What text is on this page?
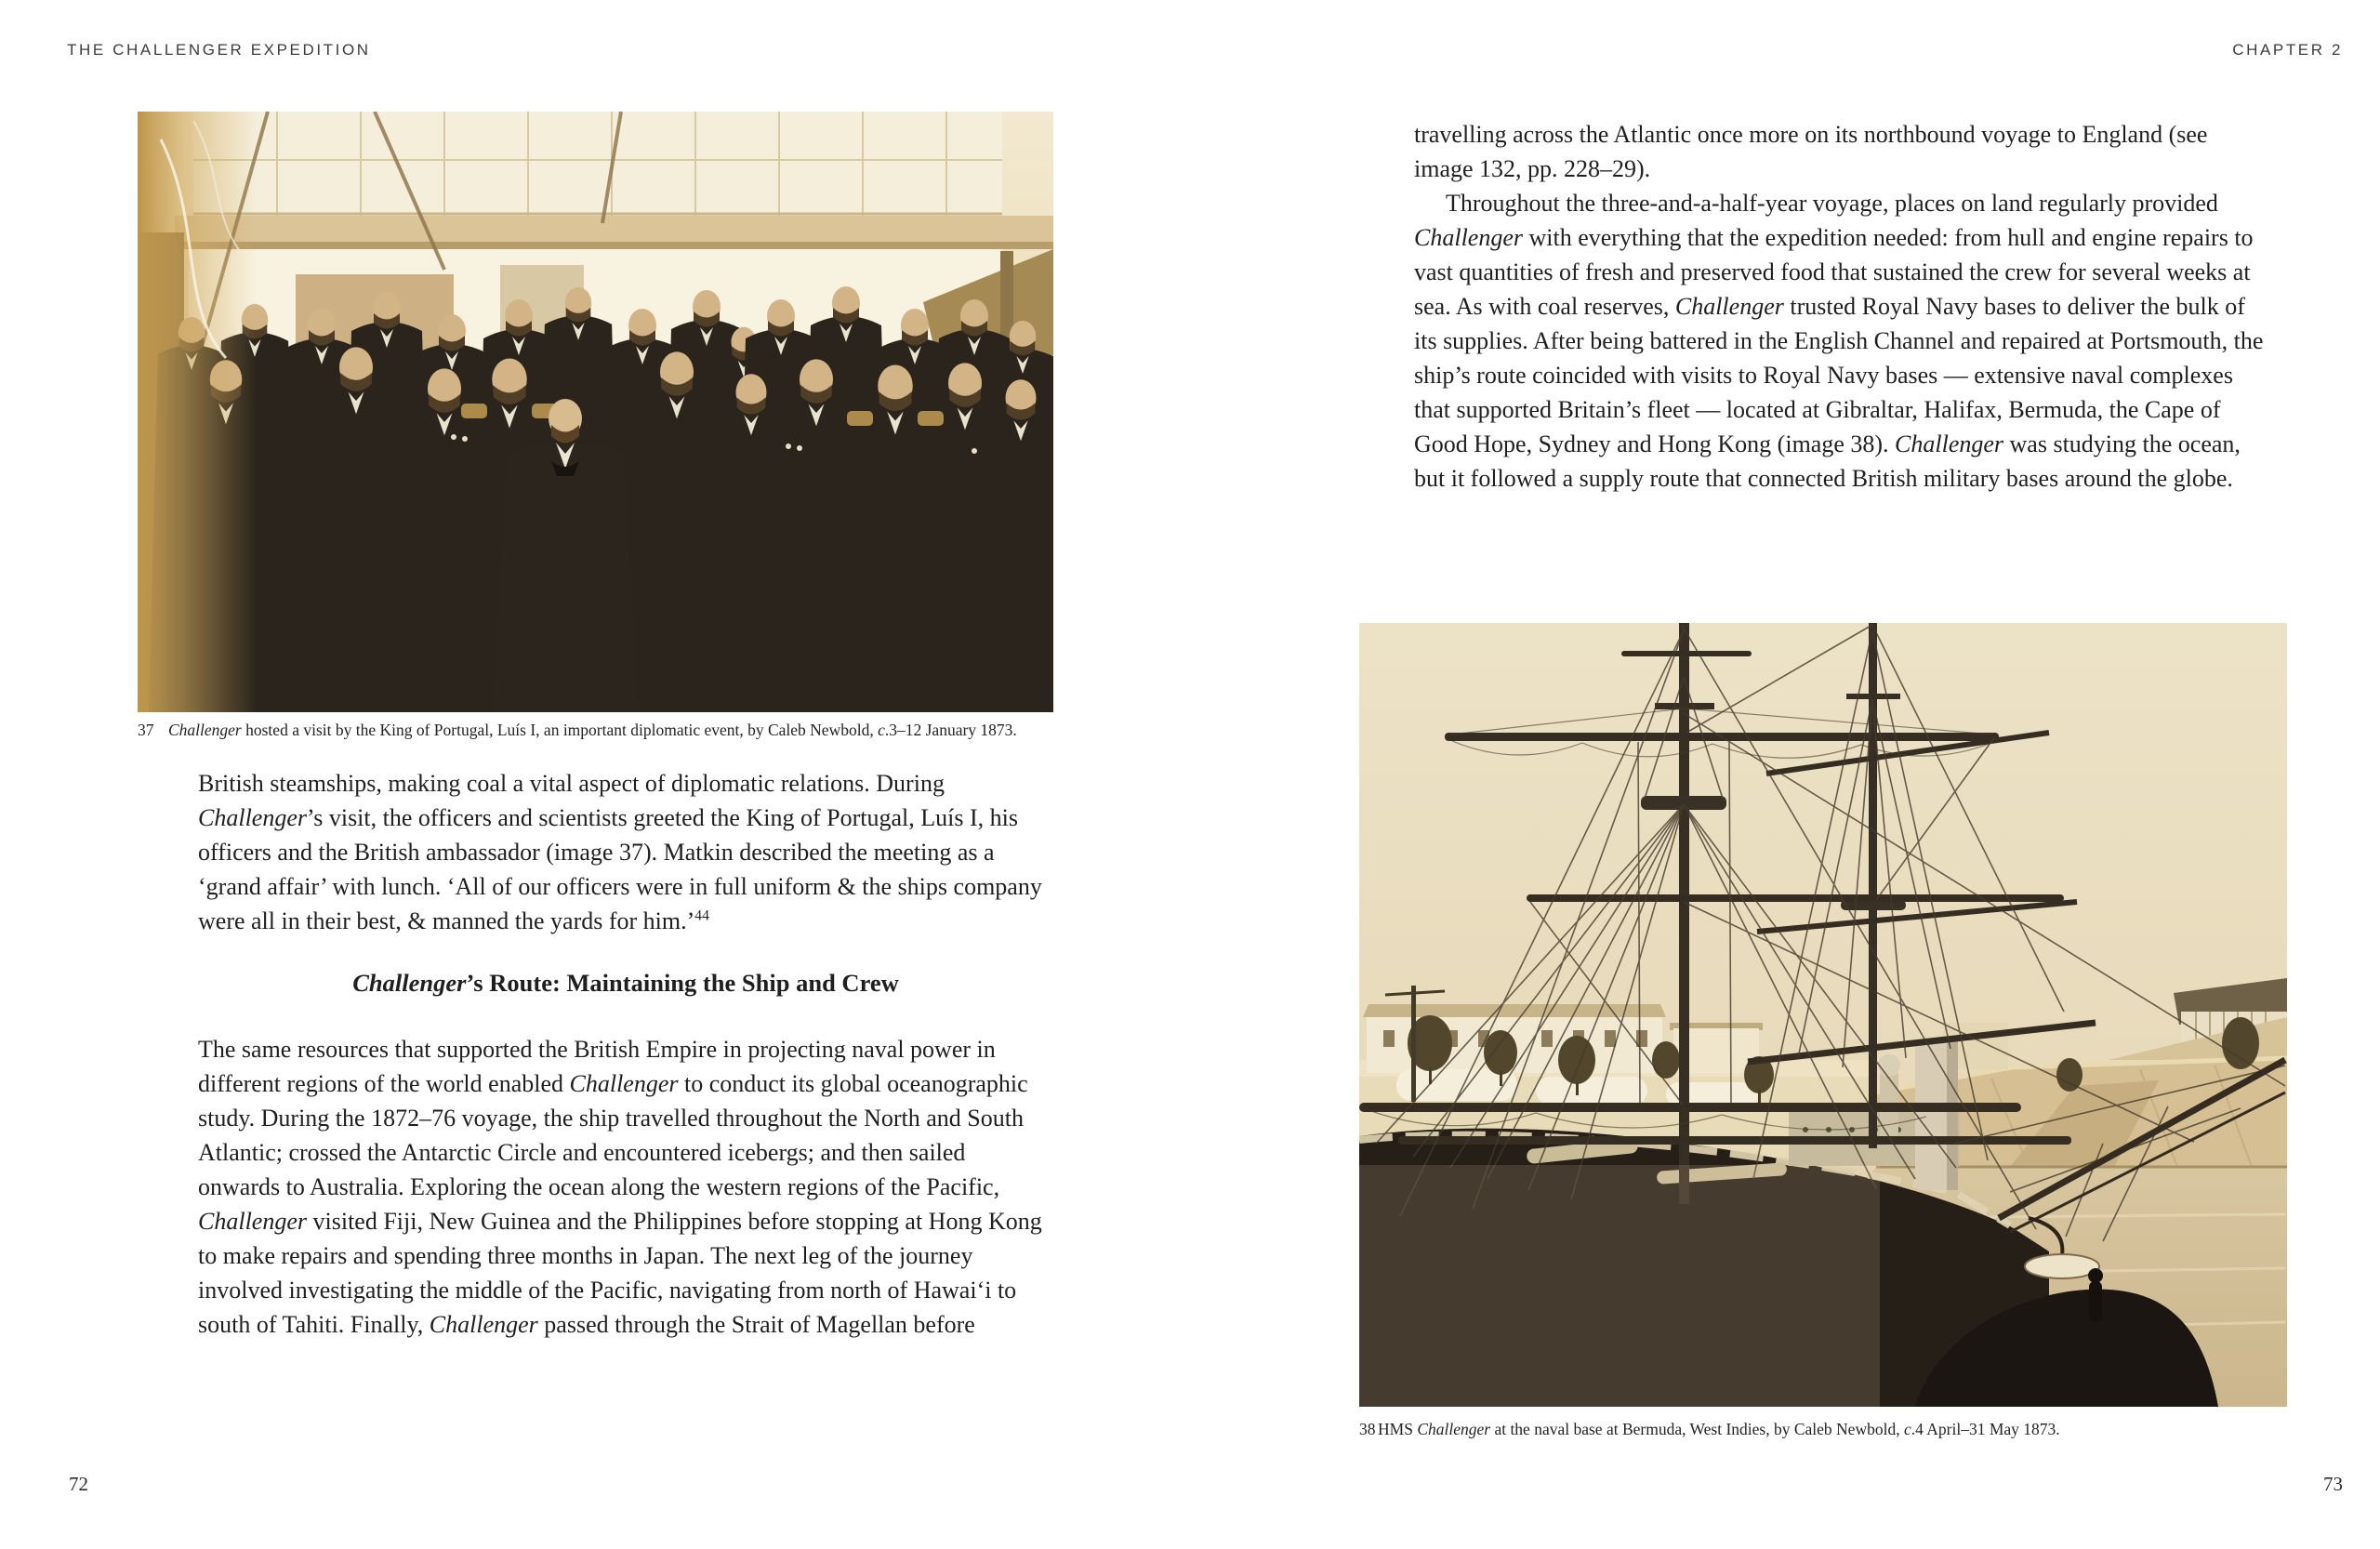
THE CHALLENGER EXPEDITION	CHAPTER 2
37 Challenger hosted a visit by the King of Portugal, Luís I, an important diplomatic event, by Caleb Newbold, c.3–12 January 1873.

British steamships, making coal a vital aspect of diplomatic relations. During Challenger’s visit, the officers and scientists greeted the King of Portugal, Luís I, his officers and the British ambassador (image 37). Matkin described the meeting as a ‘grand affair’ with lunch. ‘All of our officers were in full uniform & the ships company were all in their best, & manned the yards for him.’$^{44}$

Challenger’s Route: Maintaining the Ship and Crew

The same resources that supported the British Empire in projecting naval power in different regions of the world enabled Challenger to conduct its global oceanographic study. During the 1872–76 voyage, the ship travelled throughout the North and South Atlantic; crossed the Antarctic Circle and encountered icebergs; and then sailed onwards to Australia. Exploring the ocean along the western regions of the Pacific, Challenger visited Fiji, New Guinea and the Philippines before stopping at Hong Kong to make repairs and spending three months in Japan. The next leg of the journey involved investigating the middle of the Pacific, navigating from north of Hawai‘i to south of Tahiti. Finally, Challenger passed through the Strait of Magellan before

72

travelling across the Atlantic once more on its northbound voyage to England (see image 132, pp. 228–29).

Throughout the three-and-a-half-year voyage, places on land regularly provided Challenger with everything that the expedition needed: from hull and engine repairs to vast quantities of fresh and preserved food that sustained the crew for several weeks at sea. As with coal reserves, Challenger trusted Royal Navy bases to deliver the bulk of its supplies. After being battered in the English Channel and repaired at Portsmouth, the ship’s route coincided with visits to Royal Navy bases — extensive naval complexes that supported Britain’s fleet — located at Gibraltar, Halifax, Bermuda, the Cape of Good Hope, Sydney and Hong Kong (image 38). Challenger was studying the ocean, but it followed a supply route that connected British military bases around the globe.

38 HMS Challenger at the naval base at Bermuda, West Indies, by Caleb Newbold, c.4 April–31 May 1873.
73
